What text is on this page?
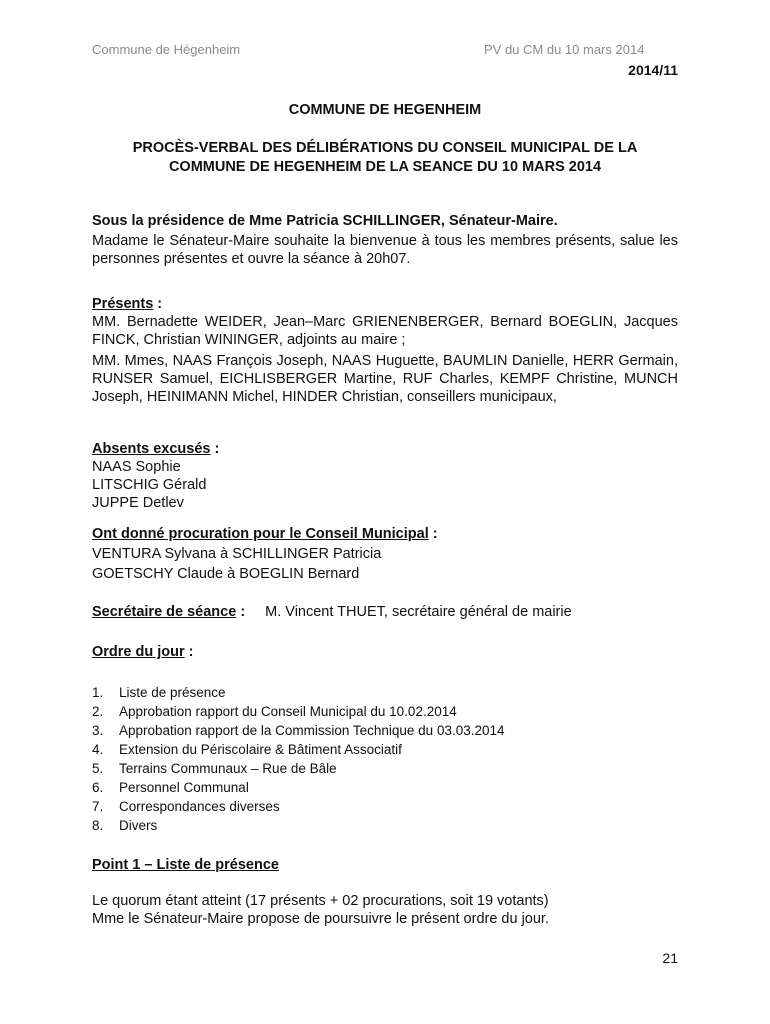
Commune de Hégenheim	PV du CM du 10 mars 2014
2014/11
COMMUNE DE HEGENHEIM
PROCÈS-VERBAL DES DÉLIBÉRATIONS DU CONSEIL MUNICIPAL DE LA
COMMUNE DE HEGENHEIM DE LA SEANCE DU 10 MARS 2014
Sous la présidence de Mme Patricia SCHILLINGER, Sénateur-Maire.
Madame le Sénateur-Maire souhaite la bienvenue à tous les membres présents, salue les personnes présentes et ouvre la séance à 20h07.
Présents :
MM. Bernadette WEIDER, Jean–Marc GRIENENBERGER, Bernard BOEGLIN, Jacques FINCK, Christian WININGER, adjoints au maire ;
MM. Mmes, NAAS François Joseph, NAAS Huguette, BAUMLIN Danielle, HERR Germain, RUNSER Samuel, EICHLISBERGER Martine, RUF Charles, KEMPF Christine, MUNCH Joseph, HEINIMANN Michel, HINDER Christian, conseillers municipaux,
Absents excusés :
NAAS Sophie
LITSCHIG Gérald
JUPPE Detlev
Ont donné procuration pour le Conseil Municipal :
VENTURA Sylvana à SCHILLINGER Patricia
GOETSCHY Claude à BOEGLIN Bernard
Secrétaire de séance : M. Vincent THUET, secrétaire général de mairie
Ordre du jour :
1.	Liste de présence
2.	Approbation rapport du Conseil Municipal du 10.02.2014
3.	Approbation rapport de la Commission Technique du 03.03.2014
4.	Extension du Périscolaire & Bâtiment Associatif
5.	Terrains Communaux – Rue de Bâle
6.	Personnel Communal
7.	Correspondances diverses
8.	Divers
Point 1 – Liste de présence
Le quorum étant atteint (17 présents + 02 procurations, soit 19 votants)
Mme le Sénateur-Maire propose de poursuivre le présent ordre du jour.
21
